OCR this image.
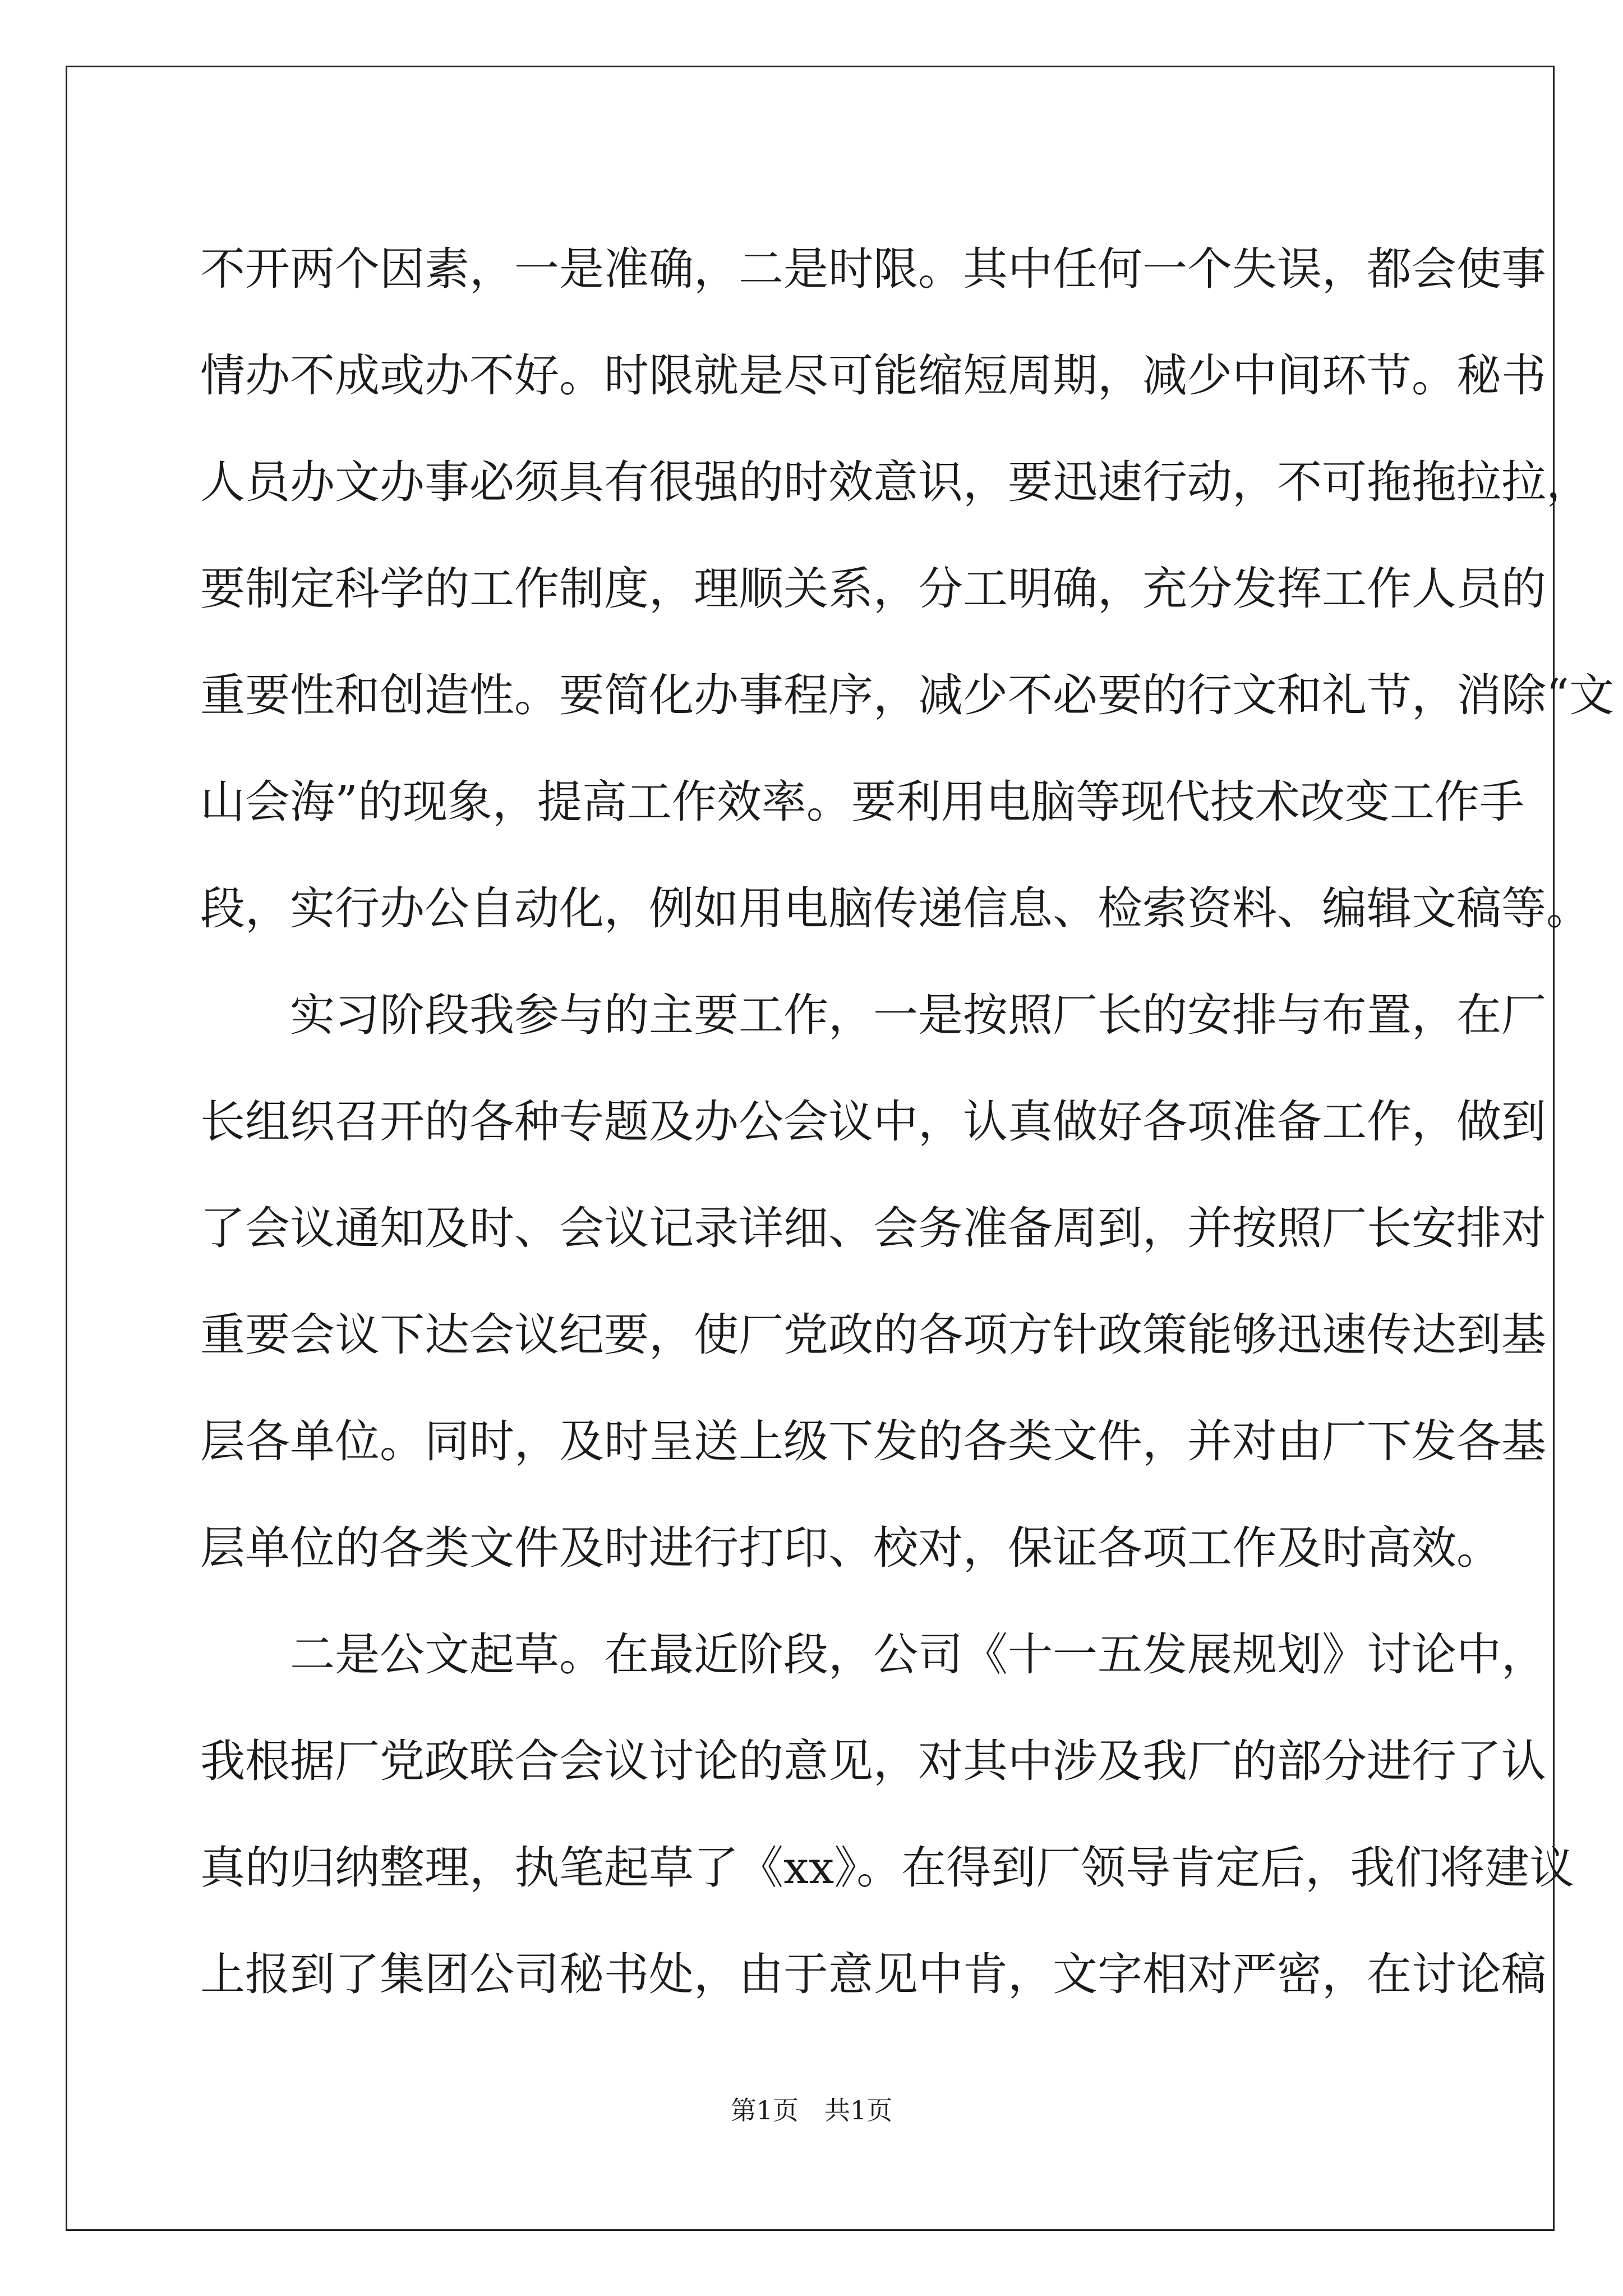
不开两个因素，一是准确，二是时限。其中任何一个失误，都会使事
情办不成或办不好。时限就是尽可能缩短周期，减少中间环节。秘书
人员办文办事必须具有很强的时效意识，要迅速行动，不可拖拖拉拉，
要制定科学的工作制度，理顺关系，分工明确，充分发挥工作人员的
重要性和创造性。要简化办事程序，减少不必要的行文和礼节，消除“文
山会海”的现象，提高工作效率。要利用电脑等现代技术改变工作手
段，实行办公自动化，例如用电脑传递信息、检索资料、编辑文稿等。
实习阶段我参与的主要工作，一是按照厂长的安排与布置，在厂
长组织召开的各种专题及办公会议中，认真做好各项准备工作，做到
了会议通知及时、会议记录详细、会务准备周到，并按照厂长安排对
重要会议下达会议纪要，使厂党政的各项方针政策能够迅速传达到基
层各单位。同时，及时呈送上级下发的各类文件，并对由厂下发各基
层单位的各类文件及时进行打印、校对，保证各项工作及时高效。
二是公文起草。在最近阶段，公司《十一五发展规划》讨论中，
我根据厂党政联合会议讨论的意见，对其中涉及我厂的部分进行了认
真的归纳整理，执笔起草了《xx》。在得到厂领导肯定后，我们将建议
上报到了集团公司秘书处，由于意见中肯，文字相对严密，在讨论稿
第1页　共1页
